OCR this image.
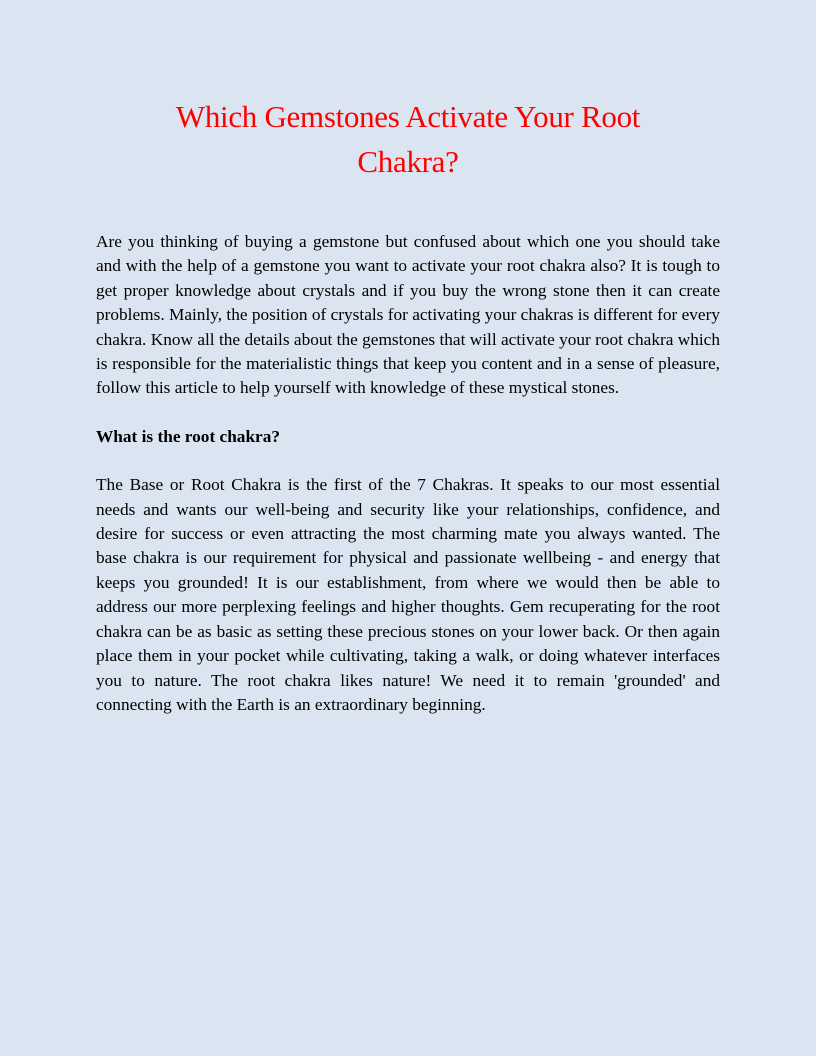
Which Gemstones Activate Your Root
Chakra?

Are you thinking of buying a gemstone but confused about which one you should take and with the help of a gemstone you want to activate your root chakra also? It is tough to get proper knowledge about crystals and if you buy the wrong stone then it can create problems. Mainly, the position of crystals for activating your chakras is different for every chakra. Know all the details about the gemstones that will activate your root chakra which is responsible for the materialistic things that keep you content and in a sense of pleasure, follow this article to help yourself with knowledge of these mystical stones.

What is the root chakra?

The Base or Root Chakra is the first of the 7 Chakras. It speaks to our most essential needs and wants our well-being and security like your relationships, confidence, and desire for success or even attracting the most charming mate you always wanted. The base chakra is our requirement for physical and passionate wellbeing - and energy that keeps you grounded! It is our establishment, from where we would then be able to address our more perplexing feelings and higher thoughts. Gem recuperating for the root chakra can be as basic as setting these precious stones on your lower back. Or then again place them in your pocket while cultivating, taking a walk, or doing whatever interfaces you to nature. The root chakra likes nature! We need it to remain 'grounded' and connecting with the Earth is an extraordinary beginning.
